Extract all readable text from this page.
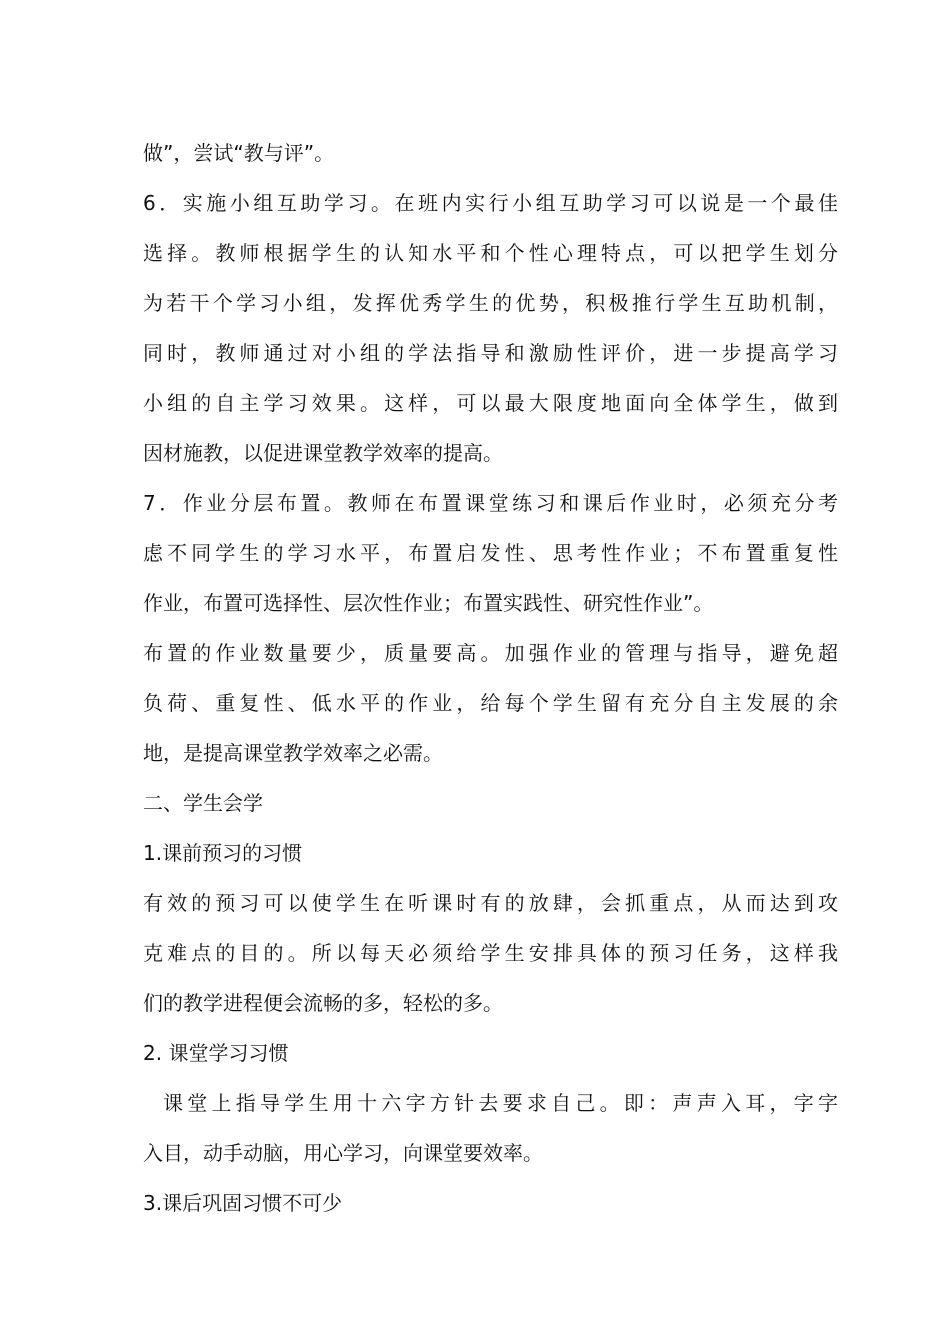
做”，尝试“教与评”。
6．实施小组互助学习。在班内实行小组互助学习可以说是一个最佳
选择。教师根据学生的认知水平和个性心理特点，可以把学生划分
为若干个学习小组，发挥优秀学生的优势，积极推行学生互助机制，
同时，教师通过对小组的学法指导和激励性评价，进一步提高学习
小组的自主学习效果。这样，可以最大限度地面向全体学生，做到
因材施教，以促进课堂教学效率的提高。
7．作业分层布置。教师在布置课堂练习和课后作业时，必须充分考
虑不同学生的学习水平，布置启发性、思考性作业；不布置重复性
作业，布置可选择性、层次性作业；布置实践性、研究性作业”。
布置的作业数量要少，质量要高。加强作业的管理与指导，避免超
负荷、重复性、低水平的作业，给每个学生留有充分自主发展的余
地，是提高课堂教学效率之必需。
二、学生会学
1.课前预习的习惯
有效的预习可以使学生在听课时有的放肆，会抓重点，从而达到攻
克难点的目的。所以每天必须给学生安排具体的预习任务，这样我
们的教学进程便会流畅的多，轻松的多。
2. 课堂学习习惯
课堂上指导学生用十六字方针去要求自己。即：声声入耳，字字
入目，动手动脑，用心学习，向课堂要效率。
3.课后巩固习惯不可少
